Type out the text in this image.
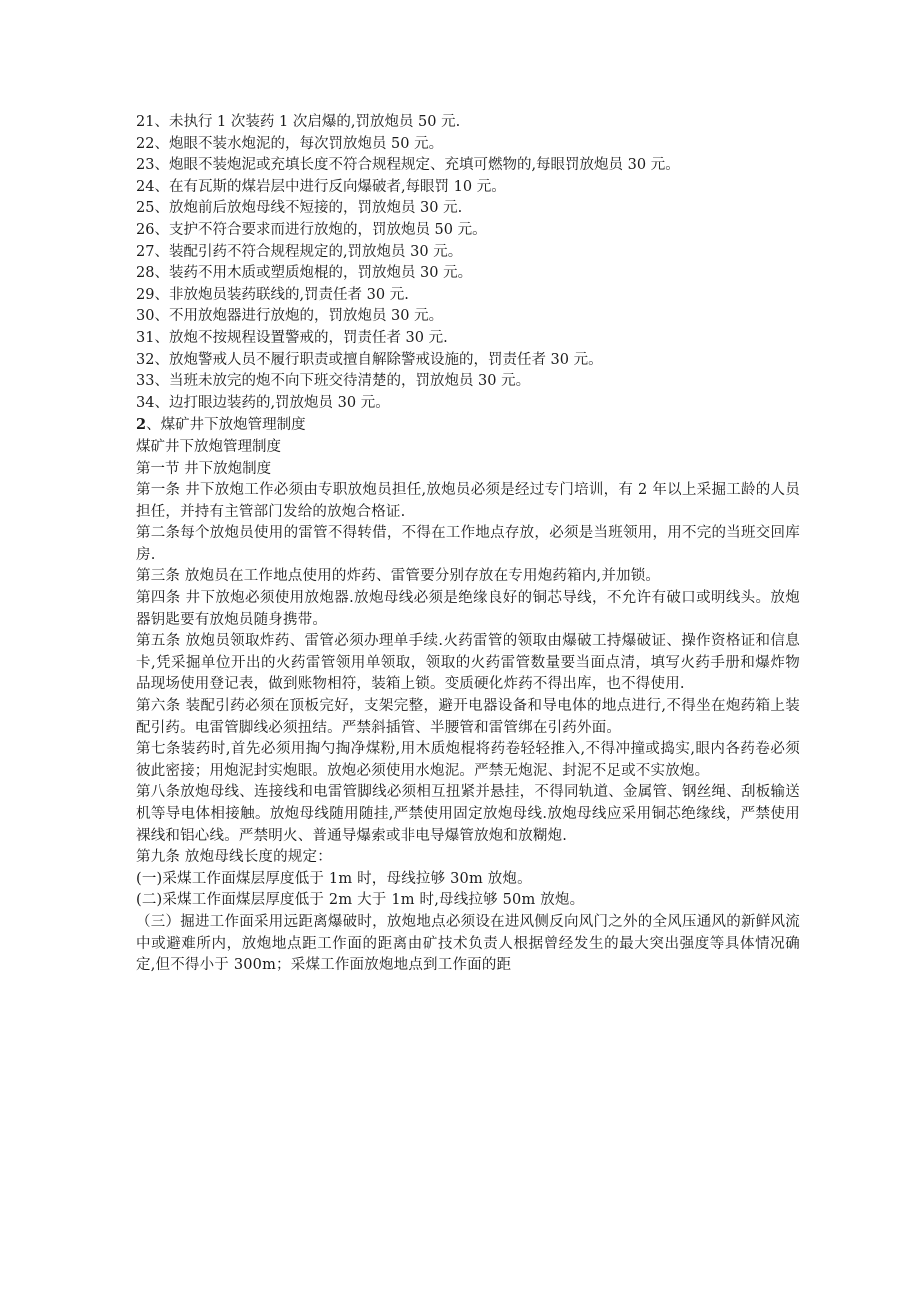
21、未执行 1 次装药 1 次启爆的,罚放炮员 50 元.
22、炮眼不装水炮泥的，每次罚放炮员 50 元。
23、炮眼不装炮泥或充填长度不符合规程规定、充填可燃物的,每眼罚放炮员 30 元。
24、在有瓦斯的煤岩层中进行反向爆破者,每眼罚 10 元。
25、放炮前后放炮母线不短接的，罚放炮员 30 元.
26、支护不符合要求而进行放炮的，罚放炮员 50 元。
27、装配引药不符合规程规定的,罚放炮员 30 元。
28、装药不用木质或塑质炮棍的，罚放炮员 30 元。
29、非放炮员装药联线的,罚责任者 30 元.
30、不用放炮器进行放炮的，罚放炮员 30 元。
31、放炮不按规程设置警戒的，罚责任者 30 元.
32、放炮警戒人员不履行职责或擅自解除警戒设施的，罚责任者 30 元。
33、当班未放完的炮不向下班交待清楚的，罚放炮员 30 元。
34、边打眼边装药的,罚放炮员 30 元。
2、煤矿井下放炮管理制度
煤矿井下放炮管理制度
第一节 井下放炮制度
第一条 井下放炮工作必须由专职放炮员担任,放炮员必须是经过专门培训，有 2 年以上采掘工龄的人员担任，并持有主管部门发给的放炮合格证.
第二条每个放炮员使用的雷管不得转借，不得在工作地点存放，必须是当班领用，用不完的当班交回库房.
第三条 放炮员在工作地点使用的炸药、雷管要分别存放在专用炮药箱内,并加锁。
第四条 井下放炮必须使用放炮器.放炮母线必须是绝缘良好的铜芯导线，不允许有破口或明线头。放炮器钥匙要有放炮员随身携带。
第五条 放炮员领取炸药、雷管必须办理单手续.火药雷管的领取由爆破工持爆破证、操作资格证和信息卡,凭采掘单位开出的火药雷管领用单领取，领取的火药雷管数量要当面点清，填写火药手册和爆炸物品现场使用登记表，做到账物相符，装箱上锁。变质硬化炸药不得出库，也不得使用.
第六条 装配引药必须在顶板完好，支架完整，避开电器设备和导电体的地点进行,不得坐在炮药箱上装配引药。电雷管脚线必须扭结。严禁斜插管、半腰管和雷管绑在引药外面。
第七条装药时,首先必须用掏勺掏净煤粉,用木质炮棍将药卷轻轻推入,不得冲撞或捣实,眼内各药卷必须彼此密接；用炮泥封实炮眼。放炮必须使用水炮泥。严禁无炮泥、封泥不足或不实放炮。
第八条放炮母线、连接线和电雷管脚线必须相互扭紧并悬挂，不得同轨道、金属管、钢丝绳、刮板输送机等导电体相接触。放炮母线随用随挂,严禁使用固定放炮母线.放炮母线应采用铜芯绝缘线，严禁使用裸线和铝心线。严禁明火、普通导爆索或非电导爆管放炮和放糊炮.
第九条 放炮母线长度的规定：
(一)采煤工作面煤层厚度低于 1m 时，母线拉够 30m 放炮。
(二)采煤工作面煤层厚度低于 2m 大于 1m 时,母线拉够 50m 放炮。
（三）掘进工作面采用远距离爆破时，放炮地点必须设在进风侧反向风门之外的全风压通风的新鲜风流中或避难所内，放炮地点距工作面的距离由矿技术负责人根据曾经发生的最大突出强度等具体情况确定,但不得小于 300m；采煤工作面放炮地点到工作面的距
